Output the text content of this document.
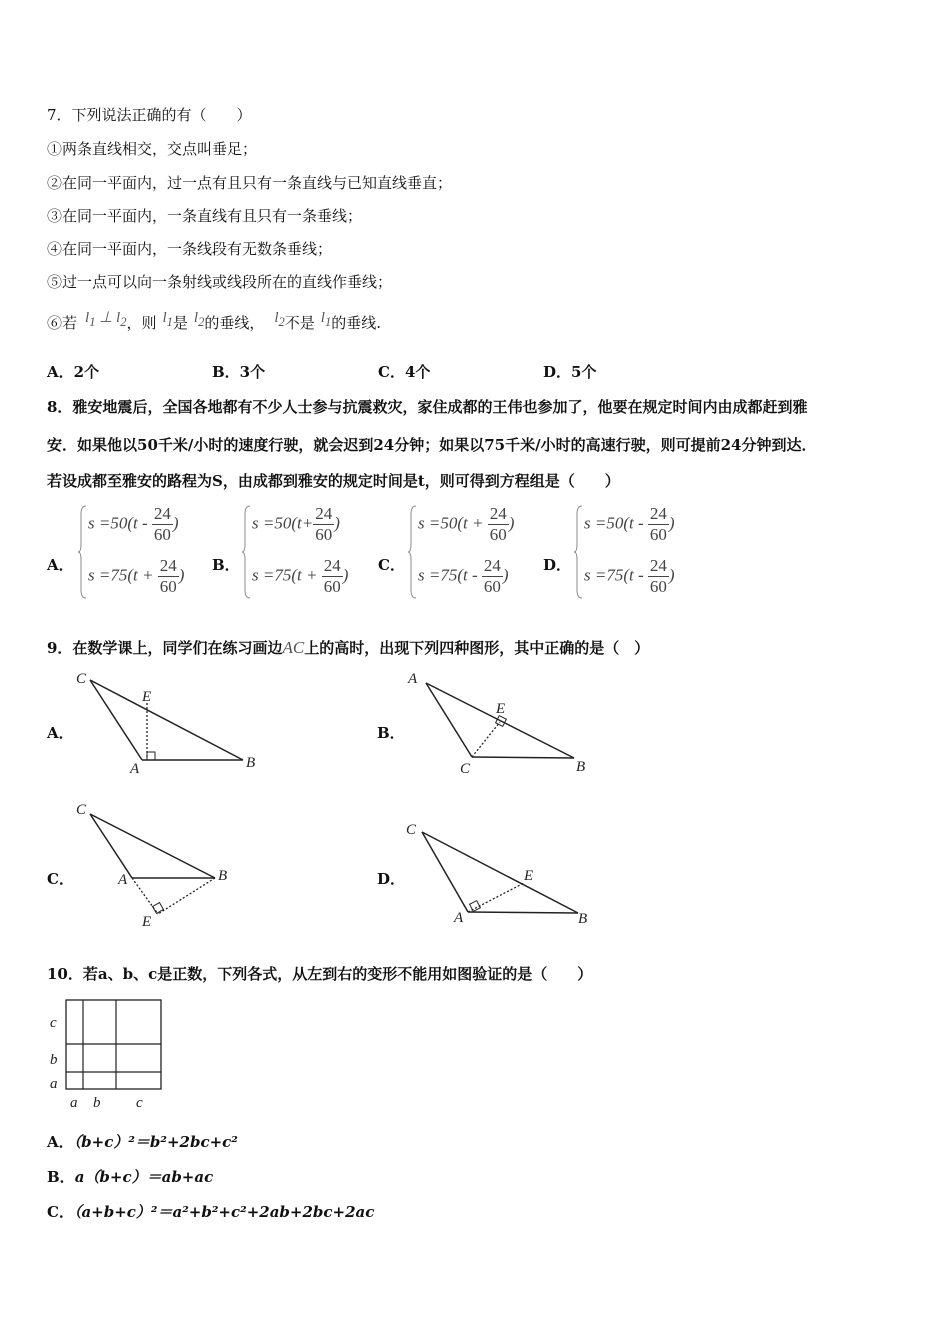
7．下列说法正确的有（　　）
①两条直线相交，交点叫垂足；
②在同一平面内，过一点有且只有一条直线与已知直线垂直；
③在同一平面内，一条直线有且只有一条垂线；
④在同一平面内，一条线段有无数条垂线；
⑤过一点可以向一条射线或线段所在的直线作垂线；
⑥若 $l_1$ ⊥ $l_2$，则 $l_1$是 $l_2$的垂线， $l_2$不是 $l_1$的垂线.
A．2个	B．3个	C．4个	D．5个
8．雅安地震后，全国各地都有不少人士参与抗震救灾，家住成都的王伟也参加了，他要在规定时间内由成都赶到雅
安．如果他以50千米/小时的速度行驶，就会迟到24分钟；如果以75千米/小时的高速行驶，则可提前24分钟到达．
若设成都至雅安的路程为S，由成都到雅安的规定时间是t，则可得到方程组是（　　）
A．
$s =50(t - \frac{24}{60}$ )
$s =75(t + \frac{24}{60}$ )
B．
$s =50(t+ \frac{24}{60}$ )
$s =75(t + \frac{24}{60}$ )
C．
$s =50(t + \frac{24}{60}$ )
$s =75(t - \frac{24}{60}$ )
D．
$s =50(t - \frac{24}{60}$ )
$s =75(t - \frac{24}{60}$ )
9．在数学课上，同学们在练习画边AC上的高时，出现下列四种图形，其中正确的是（　）
A．
C
E
A	B
B．
A
E
C	B
C．
C
A	B
E
D．
C
E
A	B
10．若a、b、c是正数，下列各式，从左到右的变形不能用如图验证的是（　　）
c
b
a
a b c
A．（b+c）²＝b²+2bc+c²
B．a（b+c）＝ab+ac
C．（a+b+c）²＝a²+b²+c²+2ab+2bc+2ac
